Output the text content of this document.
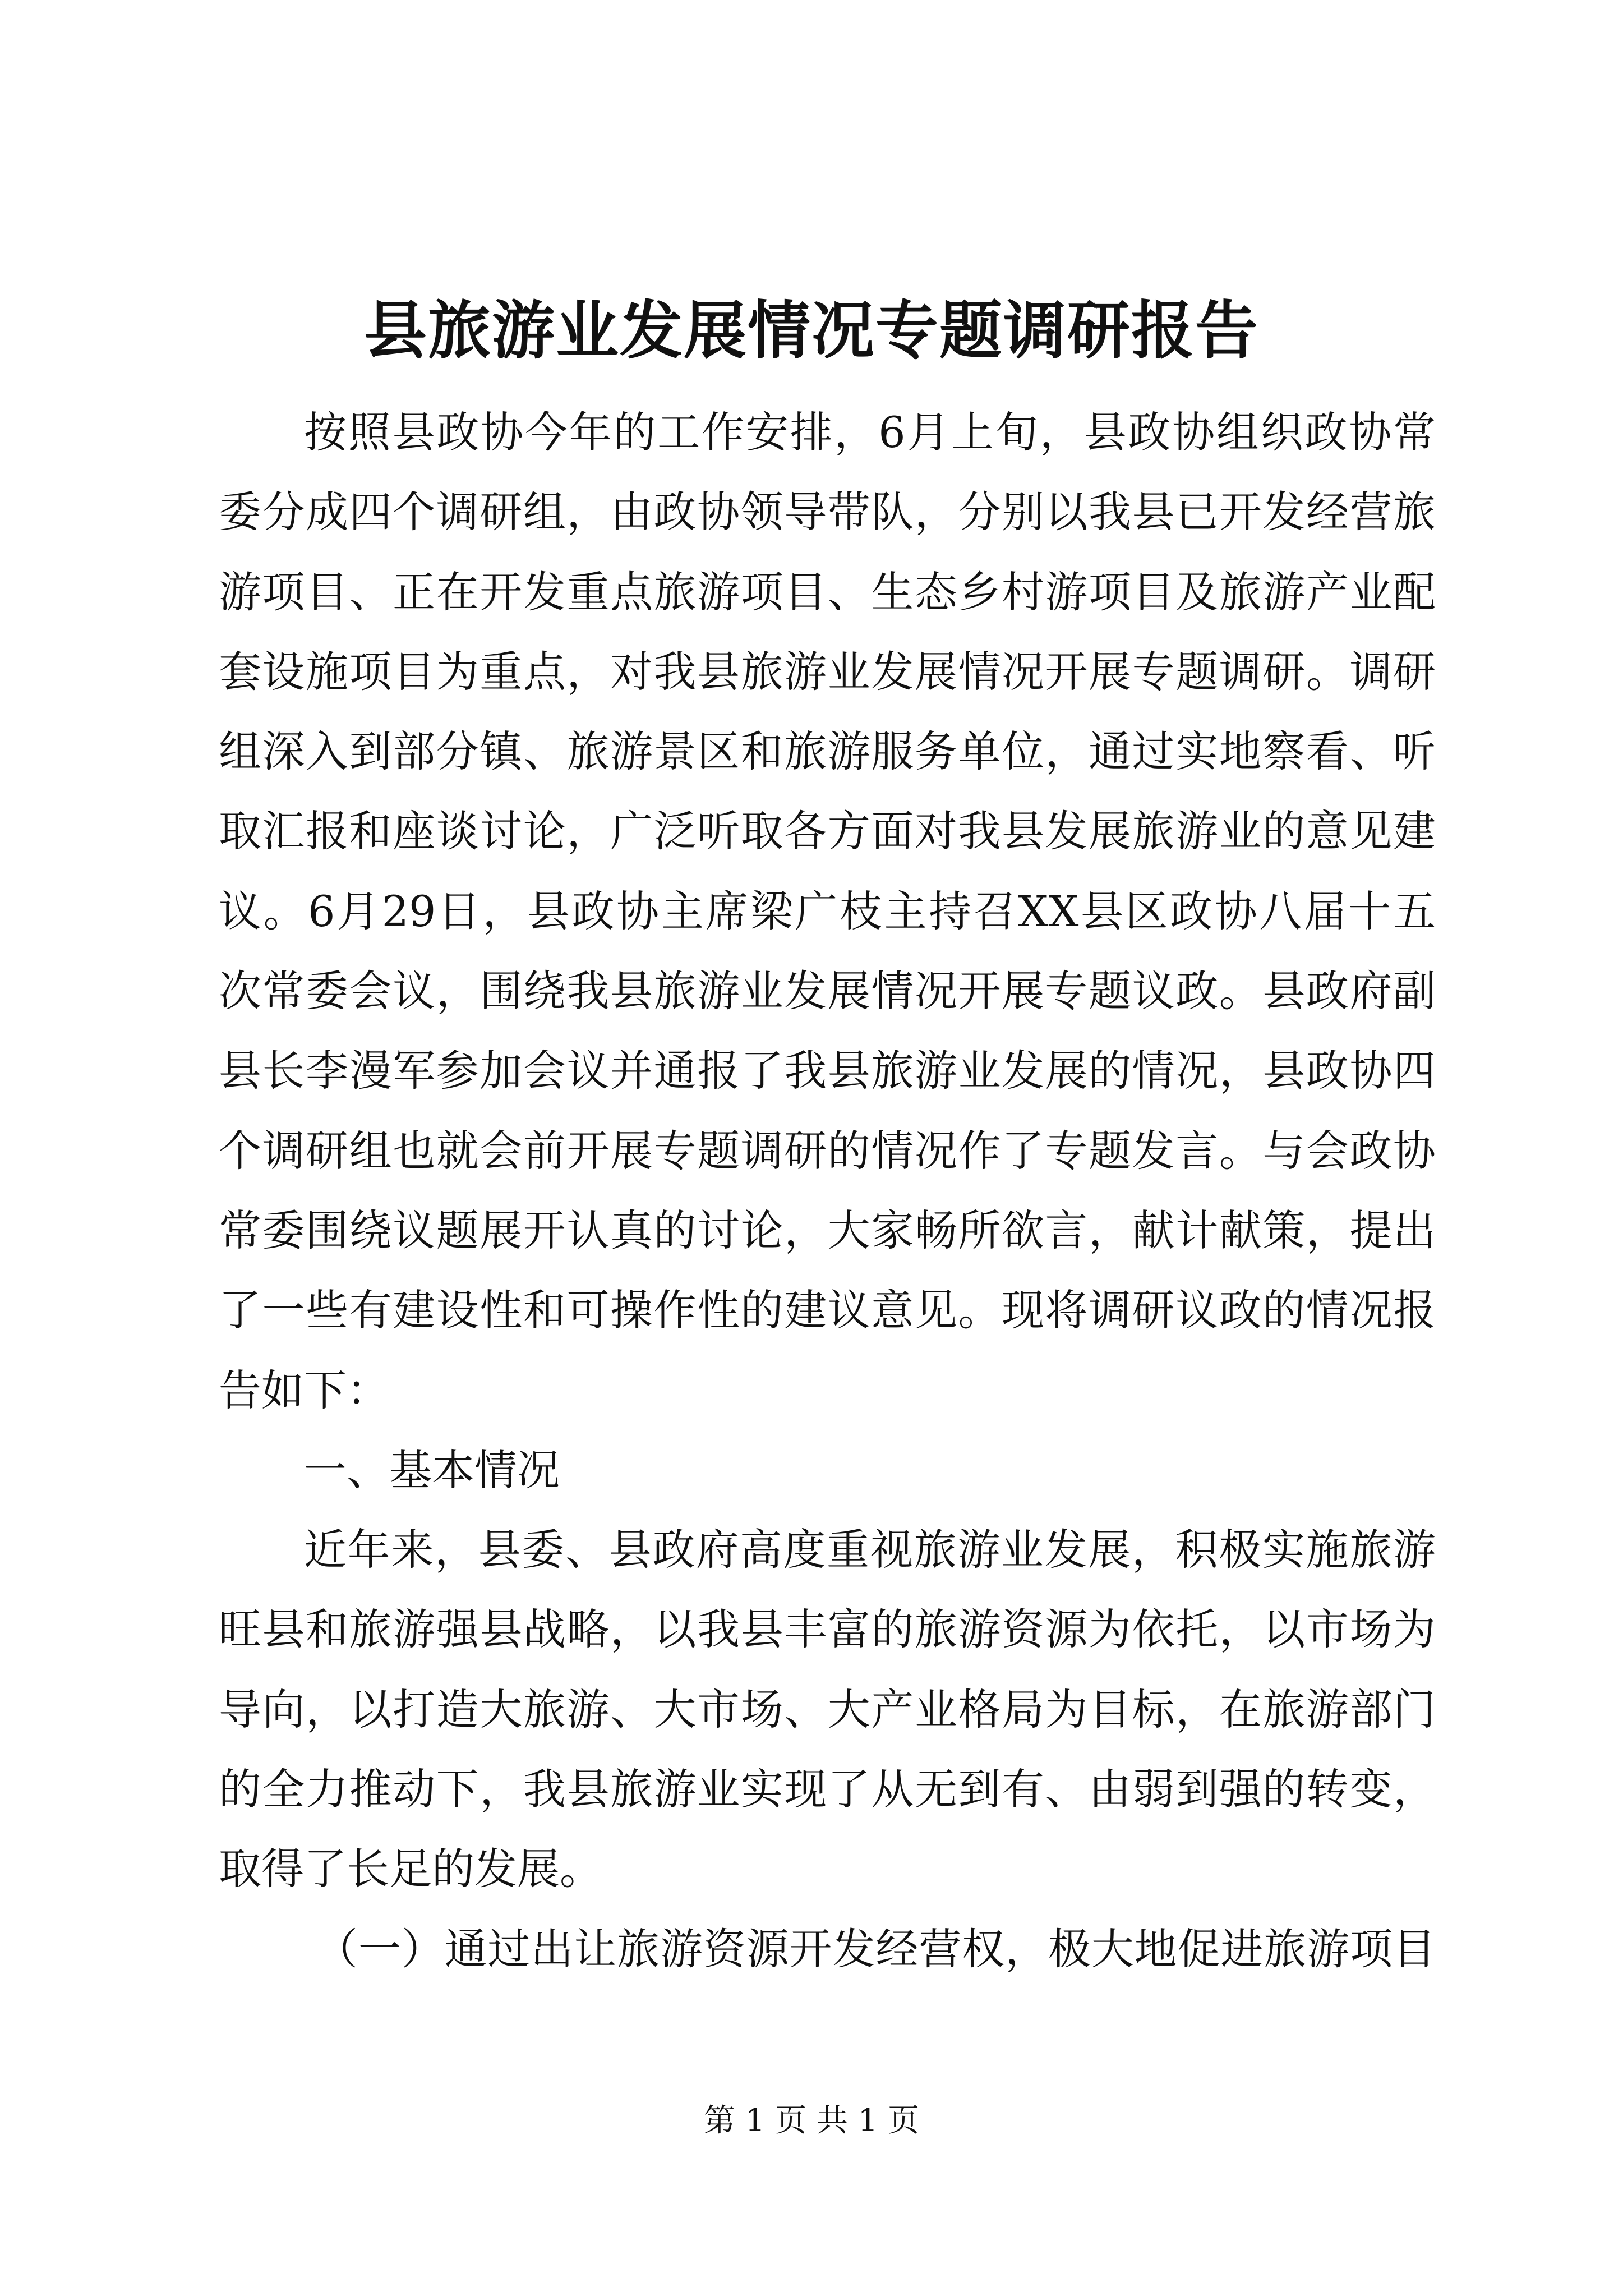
县旅游业发展情况专题调研报告
按照县政协今年的工作安排，6月上旬，县政协组织政协常
委分成四个调研组，由政协领导带队，分别以我县已开发经营旅
游项目、正在开发重点旅游项目、生态乡村游项目及旅游产业配
套设施项目为重点，对我县旅游业发展情况开展专题调研。调研
组深入到部分镇、旅游景区和旅游服务单位，通过实地察看、听
取汇报和座谈讨论，广泛听取各方面对我县发展旅游业的意见建
议。6月29日，县政协主席梁广枝主持召XX县区政协八届十五
次常委会议，围绕我县旅游业发展情况开展专题议政。县政府副
县长李漫军参加会议并通报了我县旅游业发展的情况，县政协四
个调研组也就会前开展专题调研的情况作了专题发言。与会政协
常委围绕议题展开认真的讨论，大家畅所欲言，献计献策，提出
了一些有建设性和可操作性的建议意见。现将调研议政的情况报
告如下：
一、基本情况
近年来，县委、县政府高度重视旅游业发展，积极实施旅游
旺县和旅游强县战略，以我县丰富的旅游资源为依托，以市场为
导向，以打造大旅游、大市场、大产业格局为目标，在旅游部门
的全力推动下，我县旅游业实现了从无到有、由弱到强的转变，
取得了长足的发展。
（一）通过出让旅游资源开发经营权，极大地促进旅游项目
第 1 页 共 1 页
